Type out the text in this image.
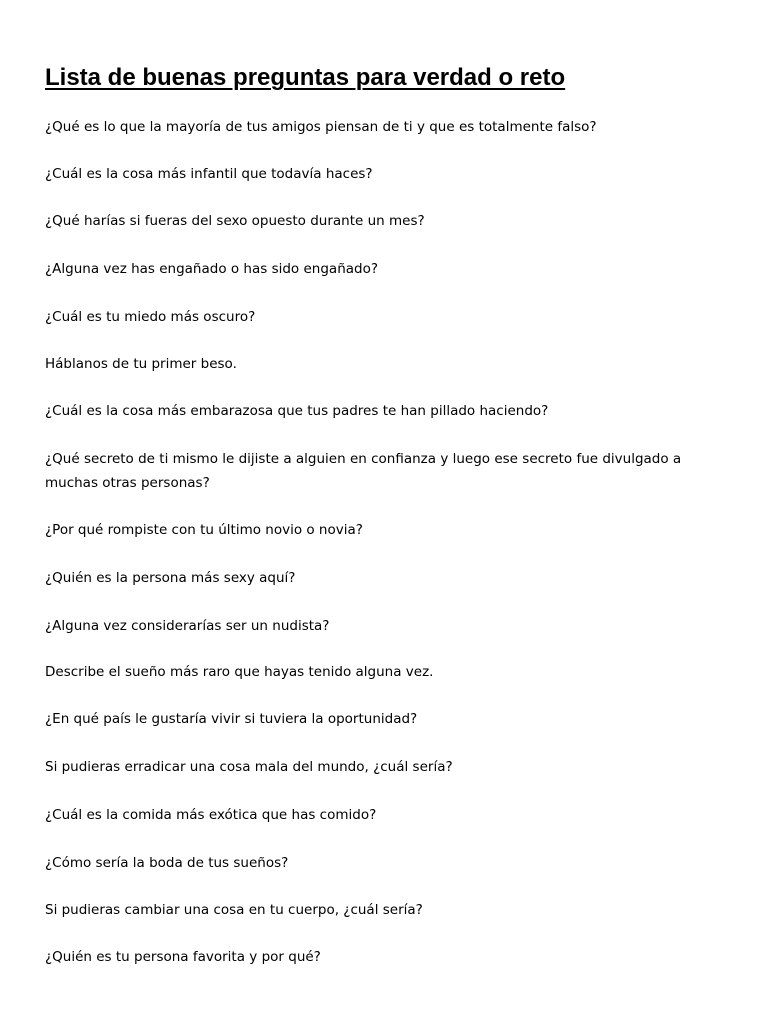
Lista de buenas preguntas para verdad o reto

¿Qué es lo que la mayoría de tus amigos piensan de ti y que es totalmente falso?

¿Cuál es la cosa más infantil que todavía haces?

¿Qué harías si fueras del sexo opuesto durante un mes?

¿Alguna vez has engañado o has sido engañado?

¿Cuál es tu miedo más oscuro?

Háblanos de tu primer beso.

¿Cuál es la cosa más embarazosa que tus padres te han pillado haciendo?

¿Qué secreto de ti mismo le dijiste a alguien en confianza y luego ese secreto fue divulgado a muchas otras personas?

¿Por qué rompiste con tu último novio o novia?

¿Quién es la persona más sexy aquí?

¿Alguna vez considerarías ser un nudista?

Describe el sueño más raro que hayas tenido alguna vez.

¿En qué país le gustaría vivir si tuviera la oportunidad?

Si pudieras erradicar una cosa mala del mundo, ¿cuál sería?

¿Cuál es la comida más exótica que has comido?

¿Cómo sería la boda de tus sueños?

Si pudieras cambiar una cosa en tu cuerpo, ¿cuál sería?

¿Quién es tu persona favorita y por qué?
